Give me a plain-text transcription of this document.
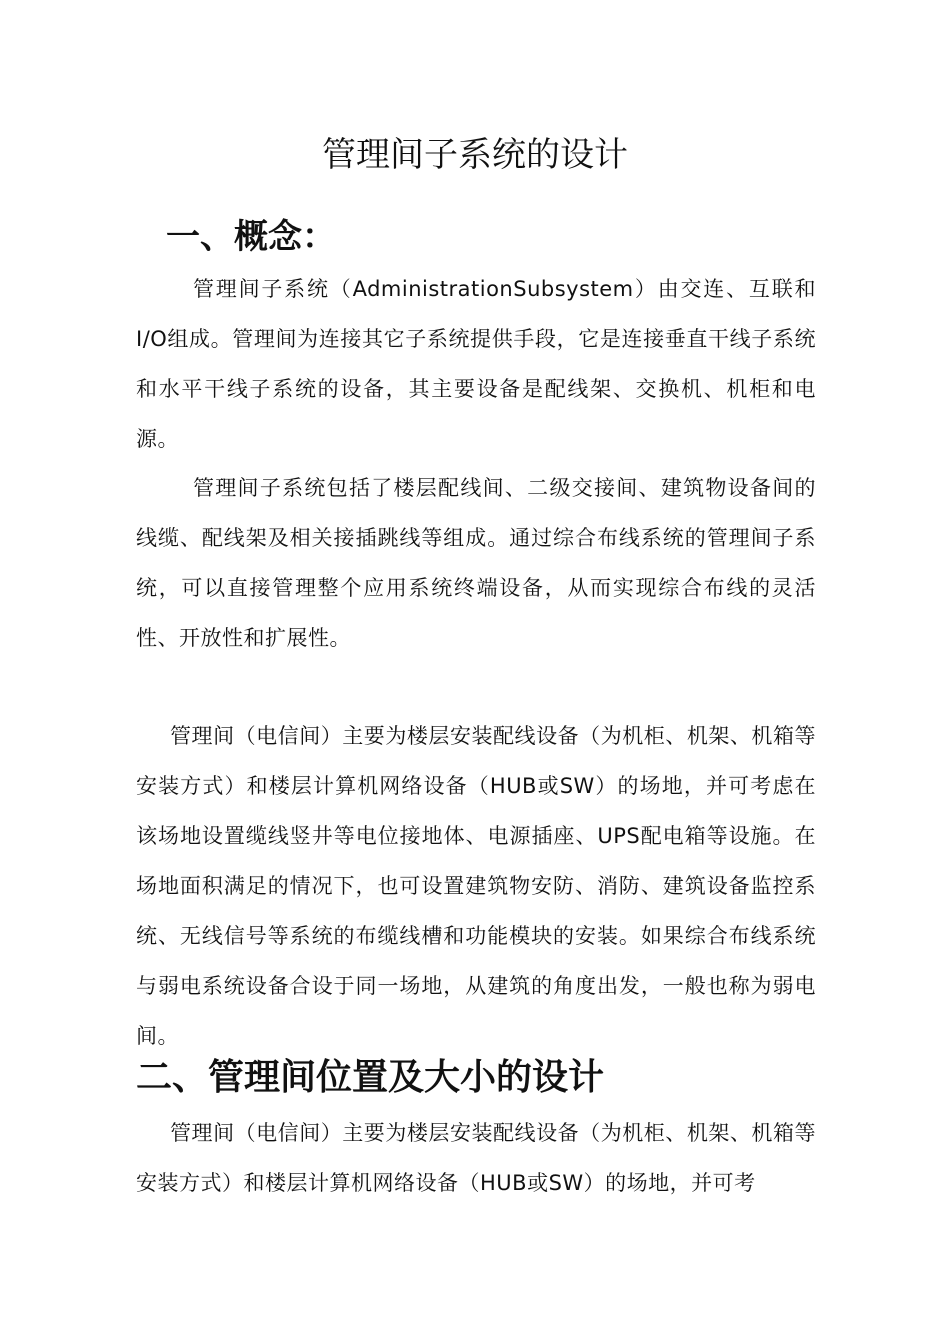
管理间子系统的设计
一、概念：

管理间子系统（AdministrationSubsystem）由交连、互联和I/O组成。管理间为连接其它子系统提供手段，它是连接垂直干线子系统和水平干线子系统的设备，其主要设备是配线架、交换机、机柜和电源。

管理间子系统包括了楼层配线间、二级交接间、建筑物设备间的线缆、配线架及相关接插跳线等组成。通过综合布线系统的管理间子系统，可以直接管理整个应用系统终端设备，从而实现综合布线的灵活性、开放性和扩展性。

管理间（电信间）主要为楼层安装配线设备（为机柜、机架、机箱等安装方式）和楼层计算机网络设备（HUB或SW）的场地，并可考虑在该场地设置缆线竖井等电位接地体、电源插座、UPS配电箱等设施。在场地面积满足的情况下，也可设置建筑物安防、消防、建筑设备监控系统、无线信号等系统的布缆线槽和功能模块的安装。如果综合布线系统与弱电系统设备合设于同一场地，从建筑的角度出发，一般也称为弱电间。

二、管理间位置及大小的设计

管理间（电信间）主要为楼层安装配线设备（为机柜、机架、机箱等安装方式）和楼层计算机网络设备（HUB或SW）的场地，并可考
